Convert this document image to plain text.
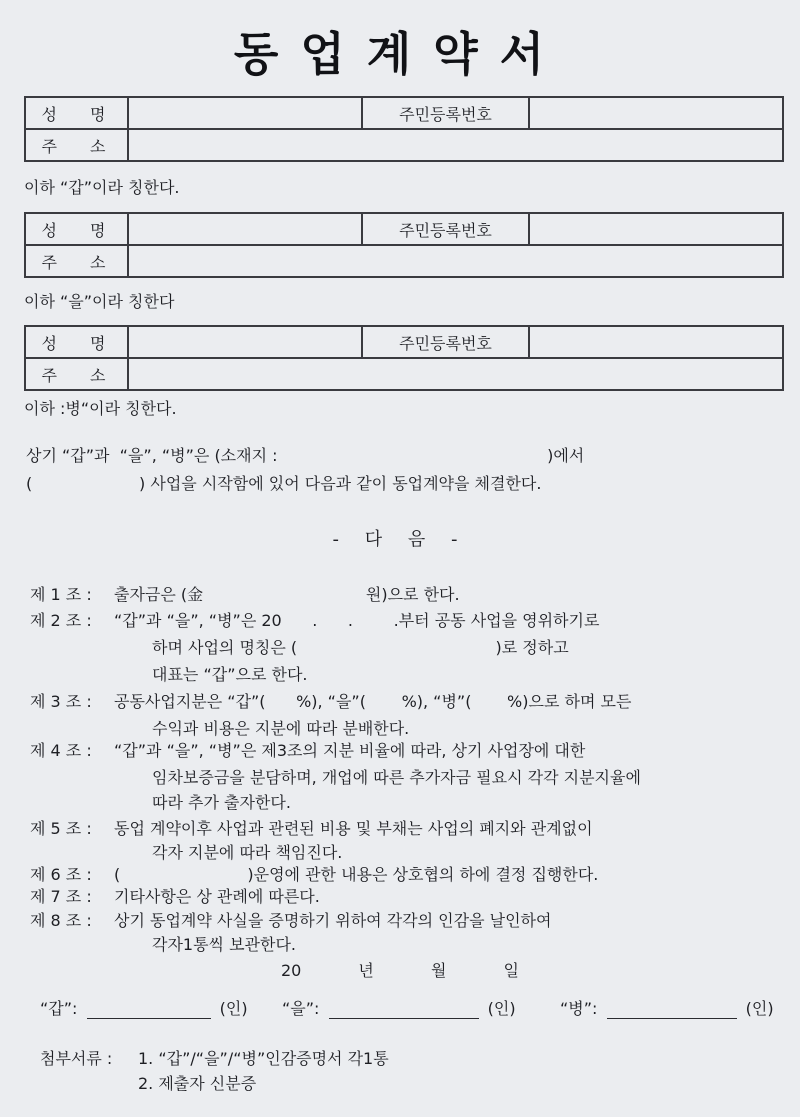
동업계약서
성 명		주민등록번호	
주 소			
이하 “갑”이라 칭한다.
성 명		주민등록번호	
주 소			
이하 “을”이라 칭한다
성 명		주민등록번호	
주 소			
이하 :병“이라 칭한다.
상기 “갑”과  “을”, “병”은 (소재지 :                                                     )에서
(                     ) 사업을 시작함에 있어 다음과 같이 동업계약을 체결한다.
- 다 음 -
제 1 조 :	출자금은 (金                                원)으로 한다.
제 2 조 :	“갑”과 “을”, “병”은 20      .      .        .부터 공동 사업을 영위하기로
하며 사업의 명칭은 (                                       )로 정하고
대표는 “갑”으로 한다.
제 3 조 :	공동사업지분은 “갑”(      %), “을”(       %), “병”(       %)으로 하며 모든
수익과 비용은 지분에 따라 분배한다.
제 4 조 :	“갑”과 “을”, “병”은 제3조의 지분 비율에 따라, 상기 사업장에 대한
임차보증금을 분담하며, 개업에 따른 추가자금 필요시 각각 지분지율에
따라 추가 출자한다.
제 5 조 :	동업 계약이후 사업과 관련된 비용 및 부채는 사업의 폐지와 관계없이
각자 지분에 따라 책임진다.
제 6 조 :	(                         )운영에 관한 내용은 상호협의 하에 결정 집행한다.
제 7 조 :	기타사항은 상 관례에 따른다.
제 8 조 :	상기 동업계약 사실을 증명하기 위하여 각각의 인감을 날인하여
각자1통씩 보관한다.
20	년	월	일
“갑”:	(인) “을”:	(인)	“병”:	(인)
첨부서류 : 1. “갑”/“을”/“병”인감증명서 각1통
2. 제출자 신분증
